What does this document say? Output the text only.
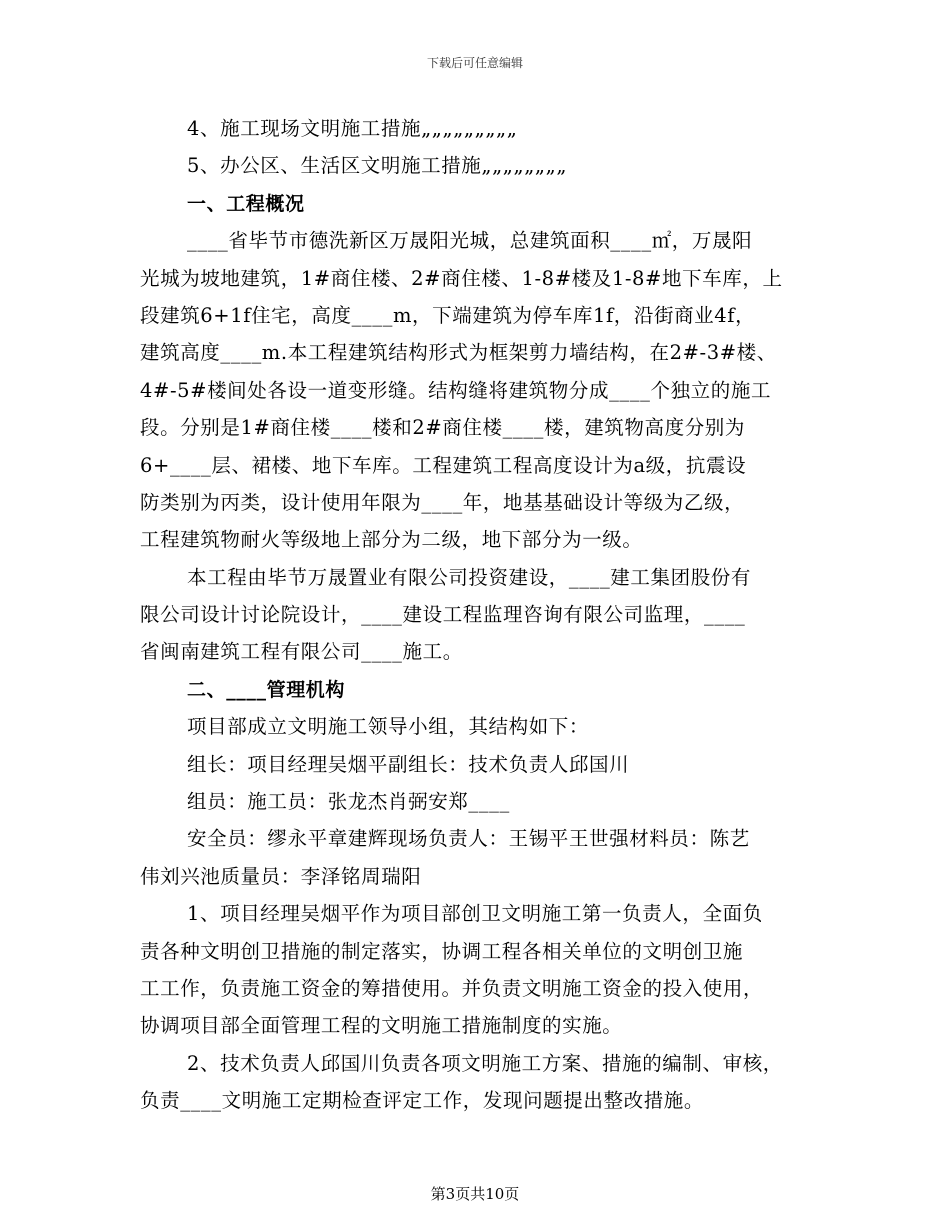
下载后可任意编辑
4、施工现场文明施工措施„„„„„„„„„
5、办公区、生活区文明施工措施„„„„„„„„
一、工程概况
____省毕节市德洗新区万晟阳光城，总建筑面积____㎡，万晟阳
光城为坡地建筑，1#商住楼、2#商住楼、1-8#楼及1-8#地下车库，上
段建筑6+1f住宅，高度____m，下端建筑为停车库1f，沿街商业4f，
建筑高度____m.本工程建筑结构形式为框架剪力墙结构，在2#-3#楼、
4#-5#楼间处各设一道变形缝。结构缝将建筑物分成____个独立的施工
段。分别是1#商住楼____楼和2#商住楼____楼，建筑物高度分别为
6+____层、裙楼、地下车库。工程建筑工程高度设计为a级，抗震设
防类别为丙类，设计使用年限为____年，地基基础设计等级为乙级，
工程建筑物耐火等级地上部分为二级，地下部分为一级。
本工程由毕节万晟置业有限公司投资建设，____建工集团股份有
限公司设计讨论院设计，____建设工程监理咨询有限公司监理，____
省闽南建筑工程有限公司____施工。
二、____管理机构
项目部成立文明施工领导小组，其结构如下：
组长：项目经理吴烟平副组长：技术负责人邱国川
组员：施工员：张龙杰肖弼安郑____
安全员：缪永平章建辉现场负责人：王锡平王世强材料员：陈艺
伟刘兴池质量员：李泽铭周瑞阳
1、项目经理吴烟平作为项目部创卫文明施工第一负责人，全面负
责各种文明创卫措施的制定落实，协调工程各相关单位的文明创卫施
工工作，负责施工资金的筹措使用。并负责文明施工资金的投入使用，
协调项目部全面管理工程的文明施工措施制度的实施。
2、技术负责人邱国川负责各项文明施工方案、措施的编制、审核，
负责____文明施工定期检查评定工作，发现问题提出整改措施。
第3页共10页
